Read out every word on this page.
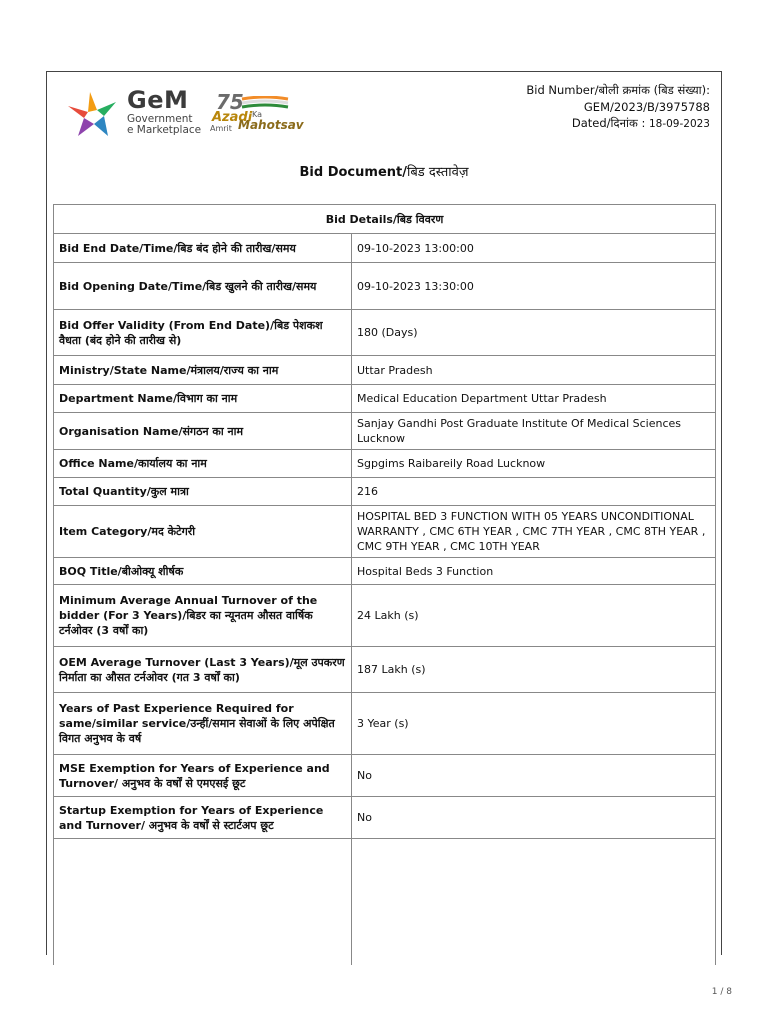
GeM
Government
e Marketplace
75
Azadi Ka
Amrit Mahotsav
Bid Number/बोली क्रमांक (बिड संख्या):
GEM/2023/B/3975788
Dated/दिनांक : 18-09-2023
Bid Document/बिड दस्तावेज़
Bid Details/बिड विवरण	
Bid End Date/Time/बिड बंद होने की तारीख/समय	09-10-2023 13:00:00
Bid Opening Date/Time/बिड खुलने की तारीख/समय	09-10-2023 13:30:00
Bid Offer Validity (From End Date)/बिड पेशकश वैधता (बंद होने की तारीख से)	180 (Days)
Ministry/State Name/मंत्रालय/राज्य का नाम	Uttar Pradesh
Department Name/विभाग का नाम	Medical Education Department Uttar Pradesh
Organisation Name/संगठन का नाम	Sanjay Gandhi Post Graduate Institute Of Medical Sciences Lucknow
Office Name/कार्यालय का नाम	Sgpgims Raibareily Road Lucknow
Total Quantity/कुल मात्रा	216
Item Category/मद केटेगरी	HOSPITAL BED 3 FUNCTION WITH 05 YEARS UNCONDITIONAL WARRANTY , CMC 6TH YEAR , CMC 7TH YEAR , CMC 8TH YEAR , CMC 9TH YEAR , CMC 10TH YEAR
BOQ Title/बीओक्यू शीर्षक	Hospital Beds 3 Function
Minimum Average Annual Turnover of the bidder (For 3 Years)/बिडर का न्यूनतम औसत वार्षिक टर्नओवर (3 वर्षों का)	24 Lakh (s)
OEM Average Turnover (Last 3 Years)/मूल उपकरण निर्माता का औसत टर्नओवर (गत 3 वर्षों का)	187 Lakh (s)
Years of Past Experience Required for same/similar service/उन्हीं/समान सेवाओं के लिए अपेक्षित विगत अनुभव के वर्ष	3 Year (s)
MSE Exemption for Years of Experience and Turnover/ अनुभव के वर्षों से एमएसई छूट	No
Startup Exemption for Years of Experience and Turnover/ अनुभव के वर्षों से स्टार्टअप छूट	No

1 / 8
